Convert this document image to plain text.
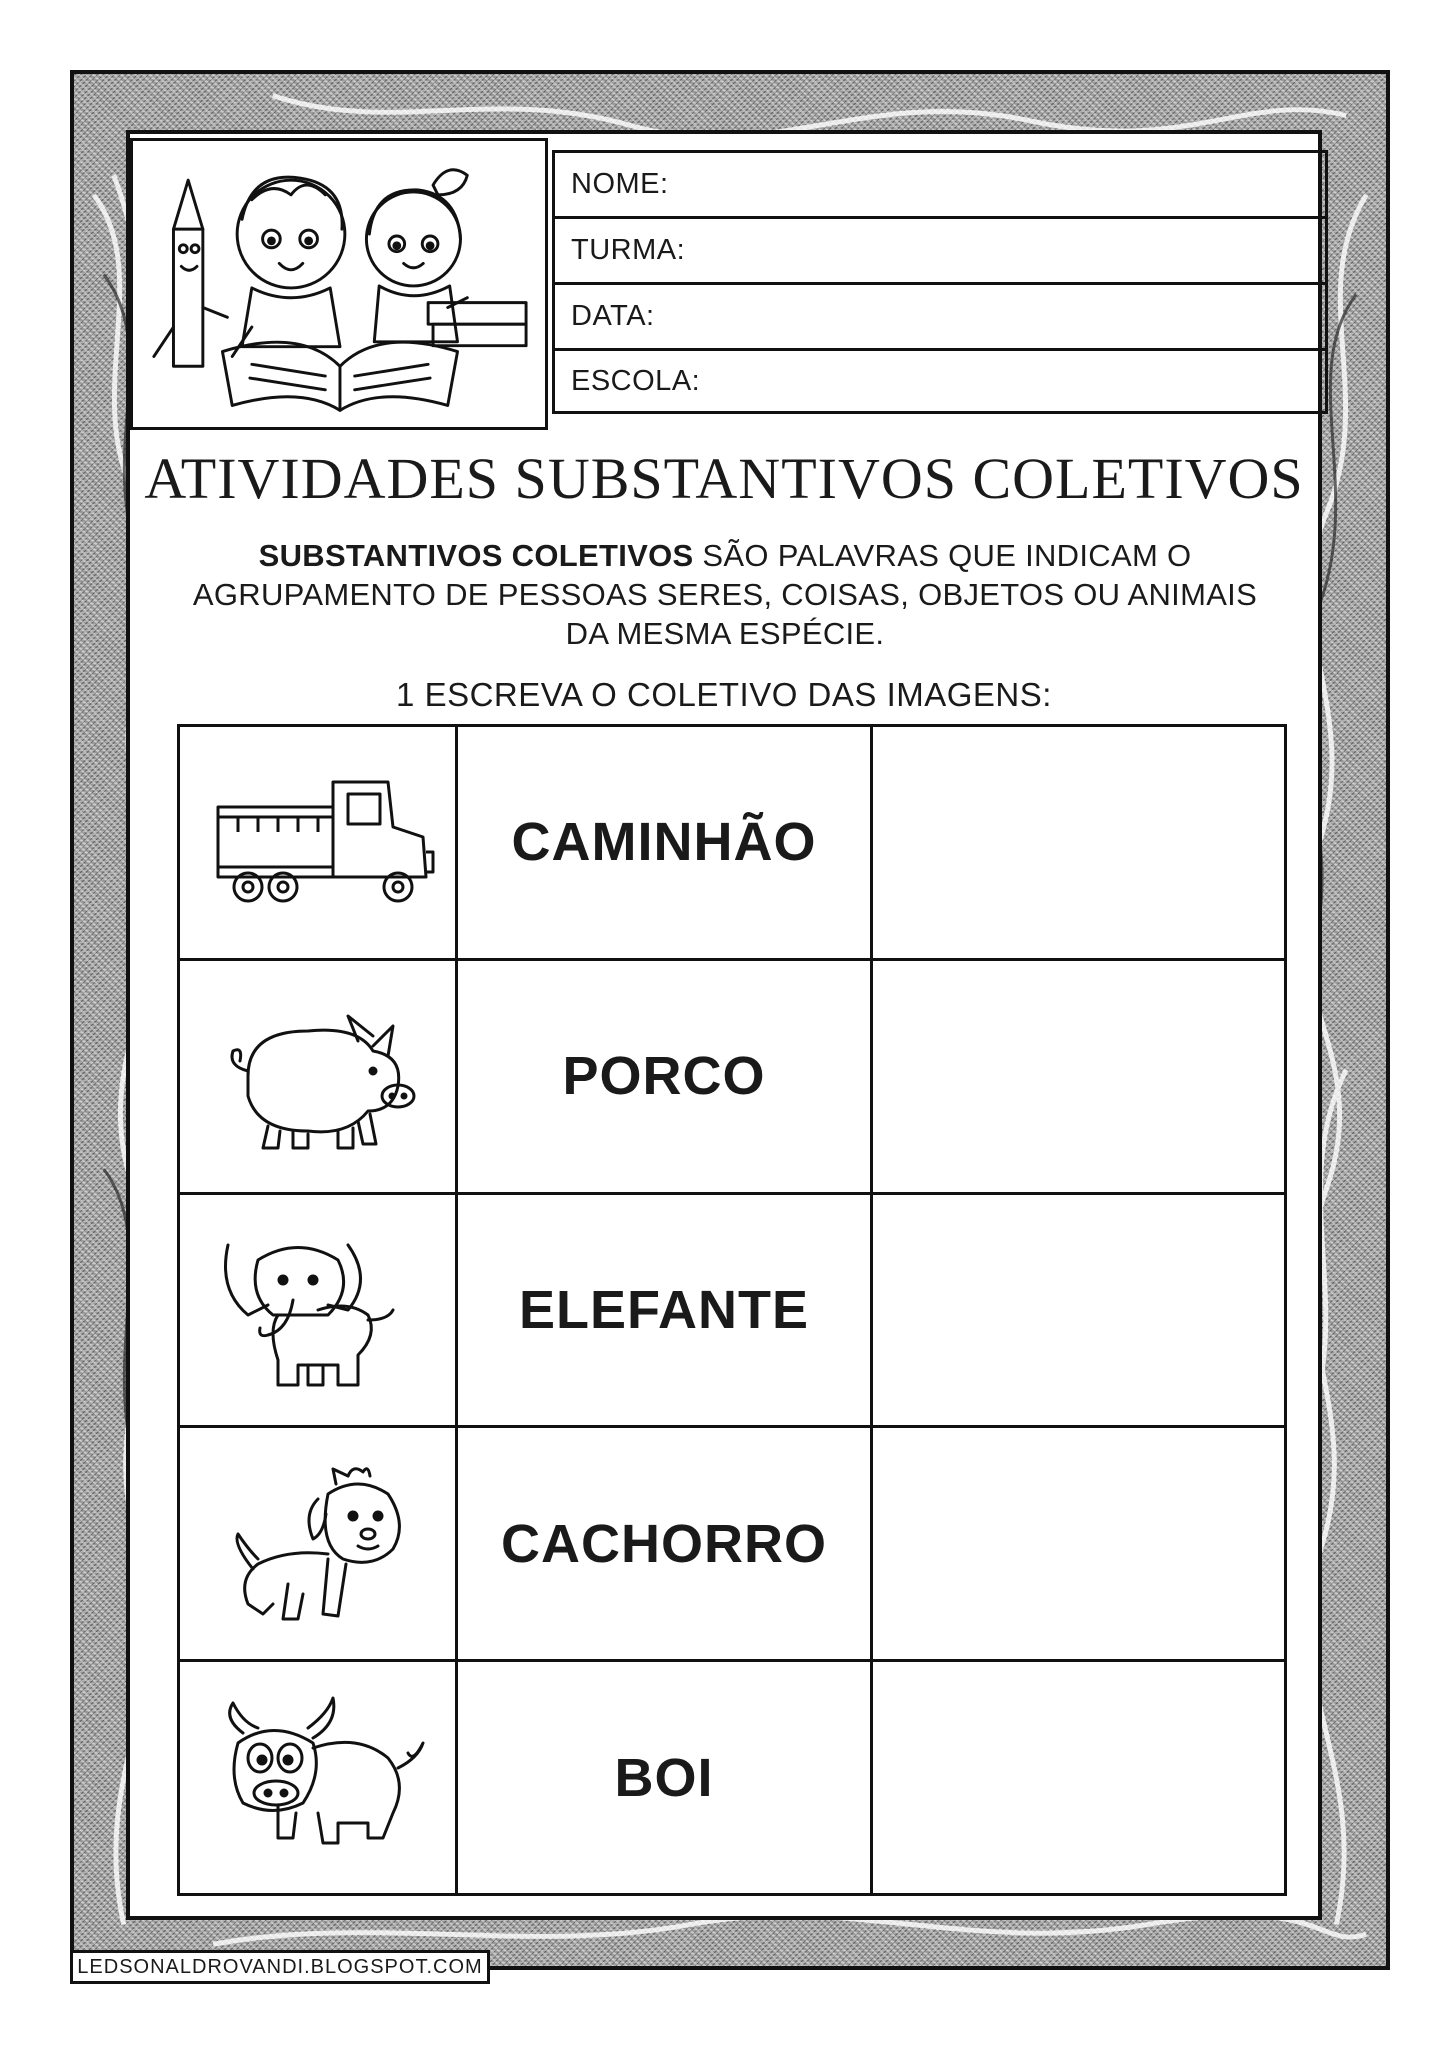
NOME:
TURMA:
DATA:
ESCOLA:
ATIVIDADES SUBSTANTIVOS COLETIVOS
SUBSTANTIVOS COLETIVOS SÃO PALAVRAS QUE INDICAM O
AGRUPAMENTO DE PESSOAS SERES, COISAS, OBJETOS OU ANIMAIS
DA MESMA ESPÉCIE.
1 ESCREVA O COLETIVO DAS IMAGENS:
CAMINHÃO
PORCO
ELEFANTE
CACHORRO
BOI
LEDSONALDROVANDI.BLOGSPOT.COM
